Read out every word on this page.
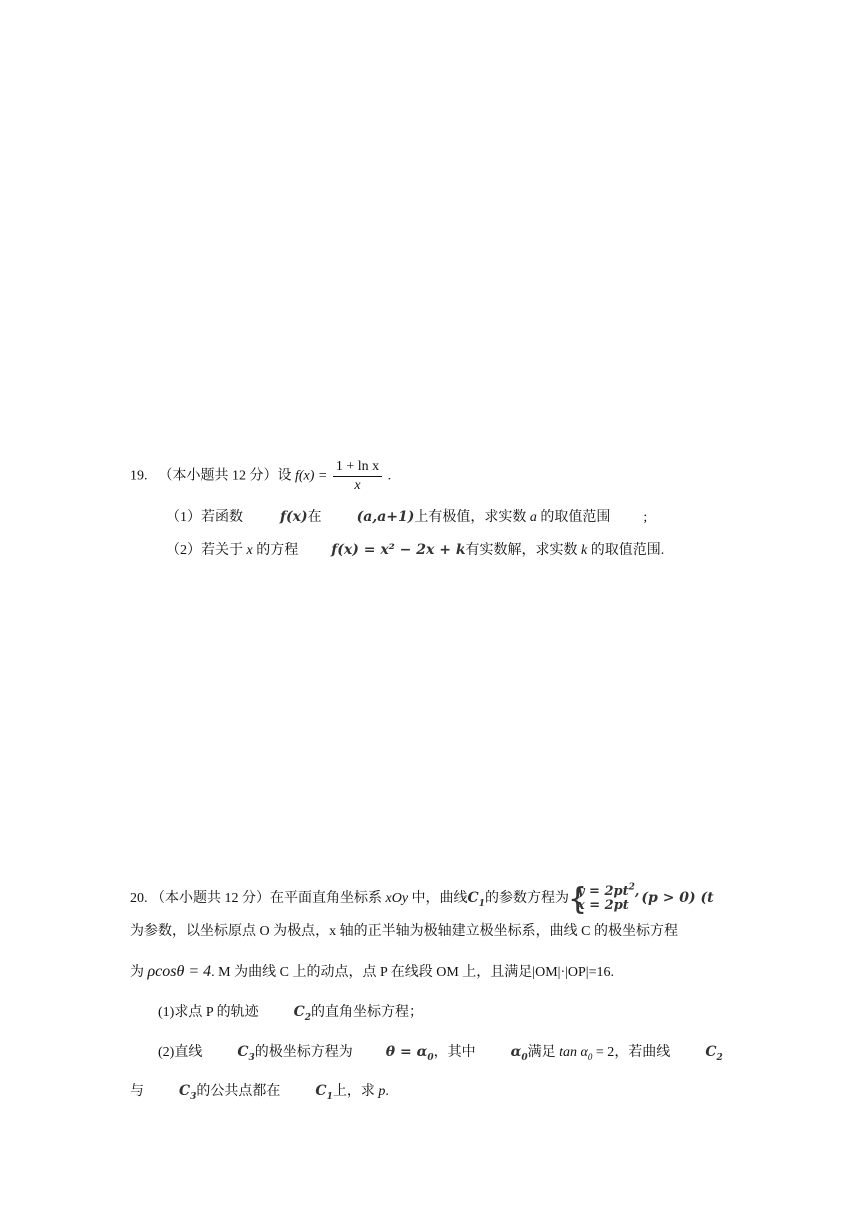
19. （本小题共 12 分）设 $f(x) = \frac{\text{1 + ln x}}{x}$ .
（1）若函数	f(x)在	(a,a+1)上有极值，求实数 a 的取值范围 ;
（2）若关于 x 的方程 f(x) = x² − 2x + k有实数解，求实数 k 的取值范围.
20. （本小题共 12 分）在平面直角坐标系 xOy 中，曲线$C_1$的参数方程为 {
$y = 2pt^2$,
x = 2pt (p > 0) (t
为参数，以坐标原点 O 为极点，x 轴的正半轴为极轴建立极坐标系，曲线 C 的极坐标方程
为 ρcosθ = 4. M 为曲线 C 上的动点，点 P 在线段 OM 上，且满足|OM|·|OP|=16.
(1)求点 P 的轨迹	$C_2$的直角坐标方程；
(2)直线	$C_3$的极坐标方程为 $\theta = \alpha_0$，其中	$\alpha_0$满足 $\tan \alpha_0 = 2$，若曲线	$C_2$
与	$C_3$的公共点都在	$C_1$上，求 p.
